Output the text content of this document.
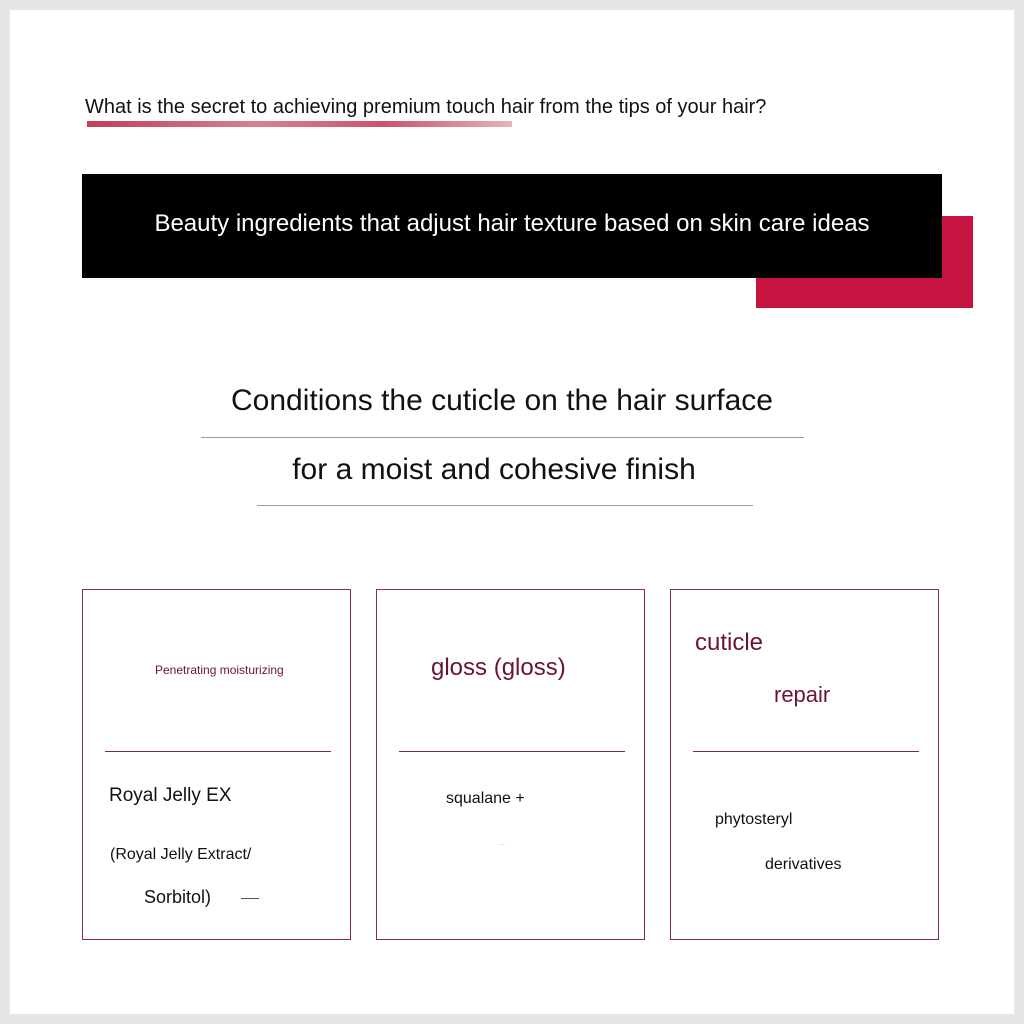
What is the secret to achieving premium touch hair from the tips of your hair?
Beauty ingredients that adjust hair texture based on skin care ideas
Conditions the cuticle on the hair surface
for a moist and cohesive finish
Penetrating moisturizing
Royal Jelly EX
(Royal Jelly Extract/
Sorbitol)
gloss (gloss)
squalane +
·····
cuticle
repair
phytosteryl
derivatives
